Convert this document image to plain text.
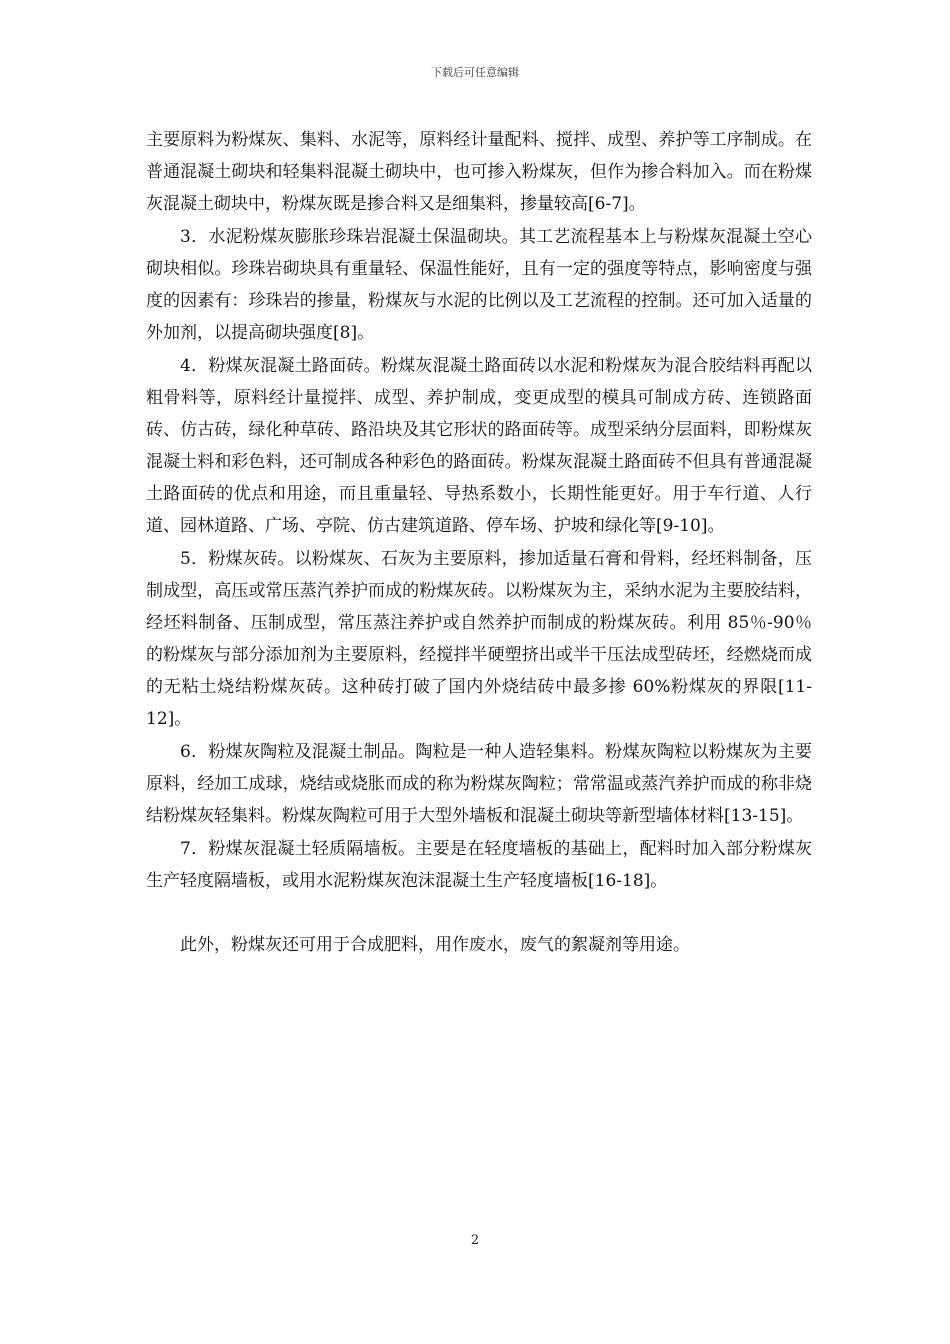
下载后可任意编辑

主要原料为粉煤灰、集料、水泥等，原料经计量配料、搅拌、成型、养护等工序制成。在普通混凝土砌块和轻集料混凝土砌块中，也可掺入粉煤灰，但作为掺合料加入。而在粉煤灰混凝土砌块中，粉煤灰既是掺合料又是细集料，掺量较高[6-7]。

3．水泥粉煤灰膨胀珍珠岩混凝土保温砌块。其工艺流程基本上与粉煤灰混凝土空心砌块相似。珍珠岩砌块具有重量轻、保温性能好，且有一定的强度等特点，影响密度与强度的因素有：珍珠岩的掺量，粉煤灰与水泥的比例以及工艺流程的控制。还可加入适量的外加剂，以提高砌块强度[8]。

4．粉煤灰混凝土路面砖。粉煤灰混凝土路面砖以水泥和粉煤灰为混合胶结料再配以粗骨料等，原料经计量搅拌、成型、养护制成，变更成型的模具可制成方砖、连锁路面砖、仿古砖，绿化种草砖、路沿块及其它形状的路面砖等。成型采纳分层面料，即粉煤灰混凝土料和彩色料，还可制成各种彩色的路面砖。粉煤灰混凝土路面砖不但具有普通混凝土路面砖的优点和用途，而且重量轻、导热系数小，长期性能更好。用于车行道、人行道、园林道路、广场、亭院、仿古建筑道路、停车场、护坡和绿化等[9-10]。

5．粉煤灰砖。以粉煤灰、石灰为主要原料，掺加适量石膏和骨料，经坯料制备，压制成型，高压或常压蒸汽养护而成的粉煤灰砖。以粉煤灰为主，采纳水泥为主要胶结料，经坯料制备、压制成型，常压蒸注养护或自然养护而制成的粉煤灰砖。利用 85％-90％的粉煤灰与部分添加剂为主要原料，经搅拌半硬塑挤出或半干压法成型砖坯，经燃烧而成的无粘土烧结粉煤灰砖。这种砖打破了国内外烧结砖中最多掺 60%粉煤灰的界限[11-12]。

6．粉煤灰陶粒及混凝土制品。陶粒是一种人造轻集料。粉煤灰陶粒以粉煤灰为主要原料，经加工成球，烧结或烧胀而成的称为粉煤灰陶粒；常常温或蒸汽养护而成的称非烧结粉煤灰轻集料。粉煤灰陶粒可用于大型外墙板和混凝土砌块等新型墙体材料[13-15]。

7．粉煤灰混凝土轻质隔墙板。主要是在轻度墙板的基础上，配料时加入部分粉煤灰生产轻度隔墙板，或用水泥粉煤灰泡沫混凝土生产轻度墙板[16-18]。

此外，粉煤灰还可用于合成肥料，用作废水，废气的絮凝剂等用途。

2
